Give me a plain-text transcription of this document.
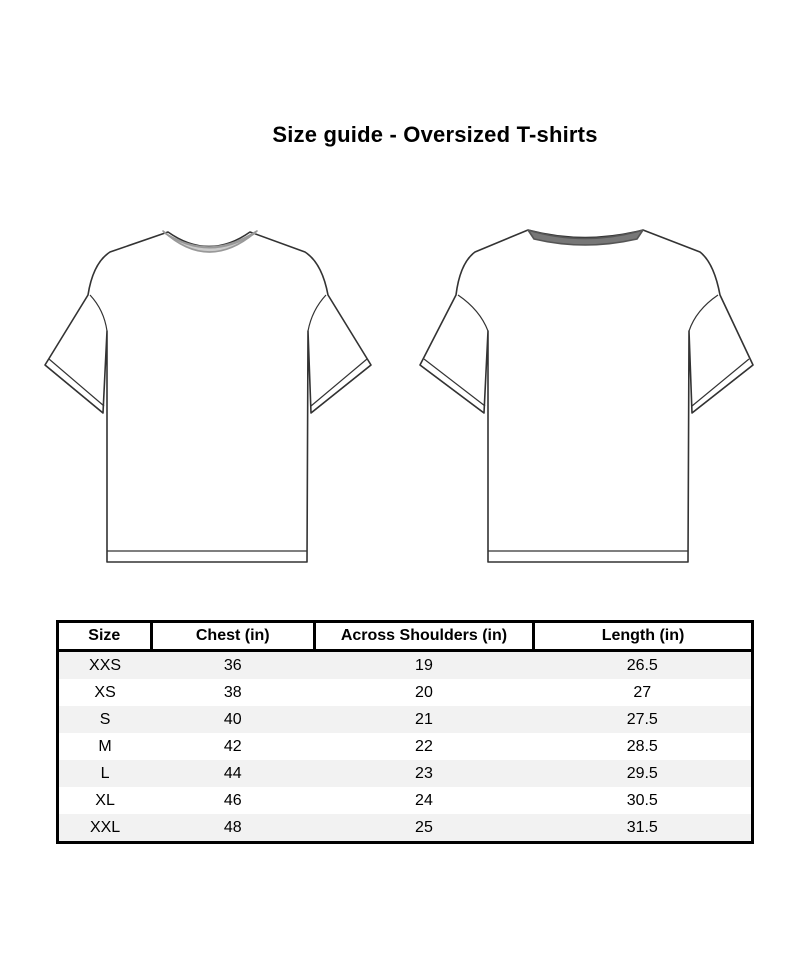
Size guide - Oversized T-shirts
Size	Chest (in)	Across Shoulders (in)	Length (in)
XXS	36	19	26.5
XS	38	20	27
S	40	21	27.5
M	42	22	28.5
L	44	23	29.5
XL	46	24	30.5
XXL	48	25	31.5
